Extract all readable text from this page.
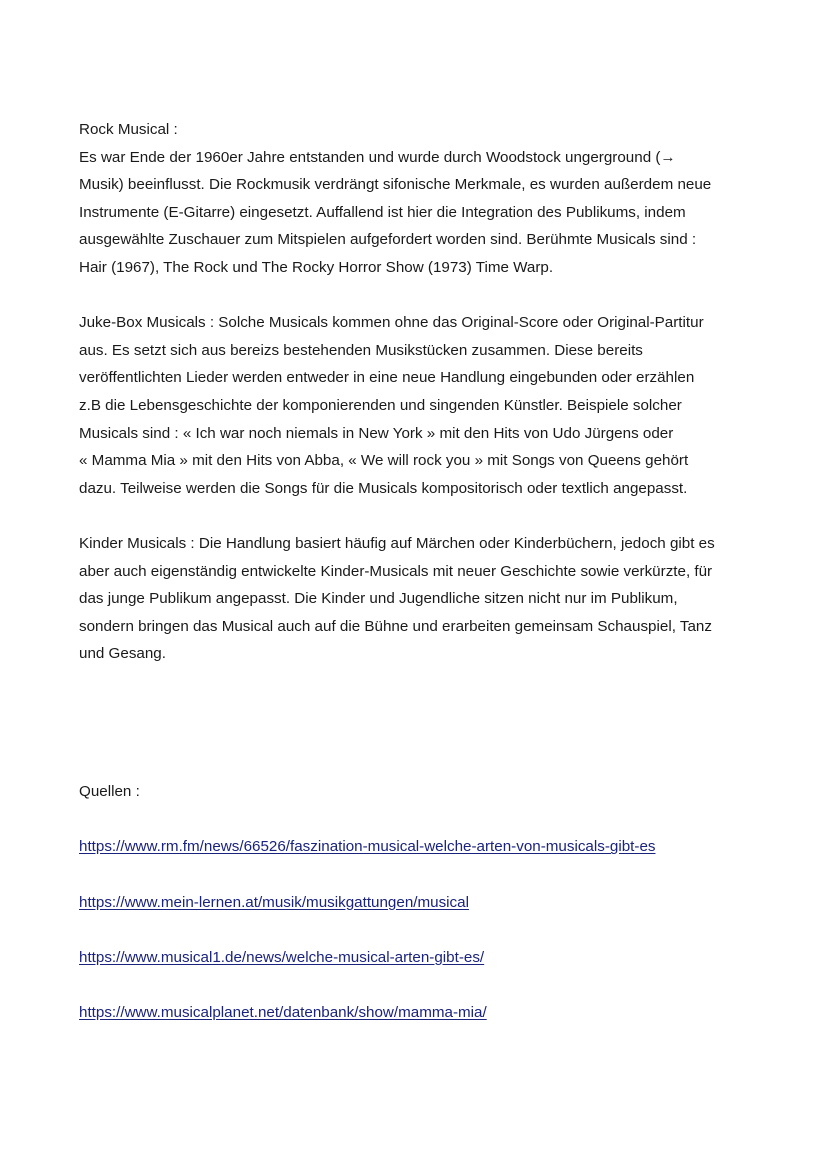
Rock Musical :
Es war Ende der 1960er Jahre entstanden und wurde durch Woodstock ungerground (→
Musik) beeinflusst. Die Rockmusik verdrängt sifonische Merkmale, es wurden außerdem neue
Instrumente (E-Gitarre) eingesetzt. Auffallend ist hier die Integration des Publikums, indem
ausgewählte Zuschauer zum Mitspielen aufgefordert worden sind. Berühmte Musicals sind :
Hair (1967), The Rock und The Rocky Horror Show (1973) Time Warp.
Juke-Box Musicals : Solche Musicals kommen ohne das Original-Score oder Original-Partitur
aus. Es setzt sich aus bereizs bestehenden Musikstücken zusammen. Diese bereits
veröffentlichten Lieder werden entweder in eine neue Handlung eingebunden oder erzählen
z.B die Lebensgeschichte der komponierenden und singenden Künstler. Beispiele solcher
Musicals sind : « Ich war noch niemals in New York » mit den Hits von Udo Jürgens oder
« Mamma Mia » mit den Hits von Abba, « We will rock you » mit Songs von Queens gehört
dazu. Teilweise werden die Songs für die Musicals kompositorisch oder textlich angepasst.
Kinder Musicals : Die Handlung basiert häufig auf Märchen oder Kinderbüchern, jedoch gibt es
aber auch eigenständig entwickelte Kinder-Musicals mit neuer Geschichte sowie verkürzte, für
das junge Publikum angepasst. Die Kinder und Jugendliche sitzen nicht nur im Publikum,
sondern bringen das Musical auch auf die Bühne und erarbeiten gemeinsam Schauspiel, Tanz
und Gesang.
Quellen :
https://www.rm.fm/news/66526/faszination-musical-welche-arten-von-musicals-gibt-es
https://www.mein-lernen.at/musik/musikgattungen/musical
https://www.musical1.de/news/welche-musical-arten-gibt-es/
https://www.musicalplanet.net/datenbank/show/mamma-mia/
